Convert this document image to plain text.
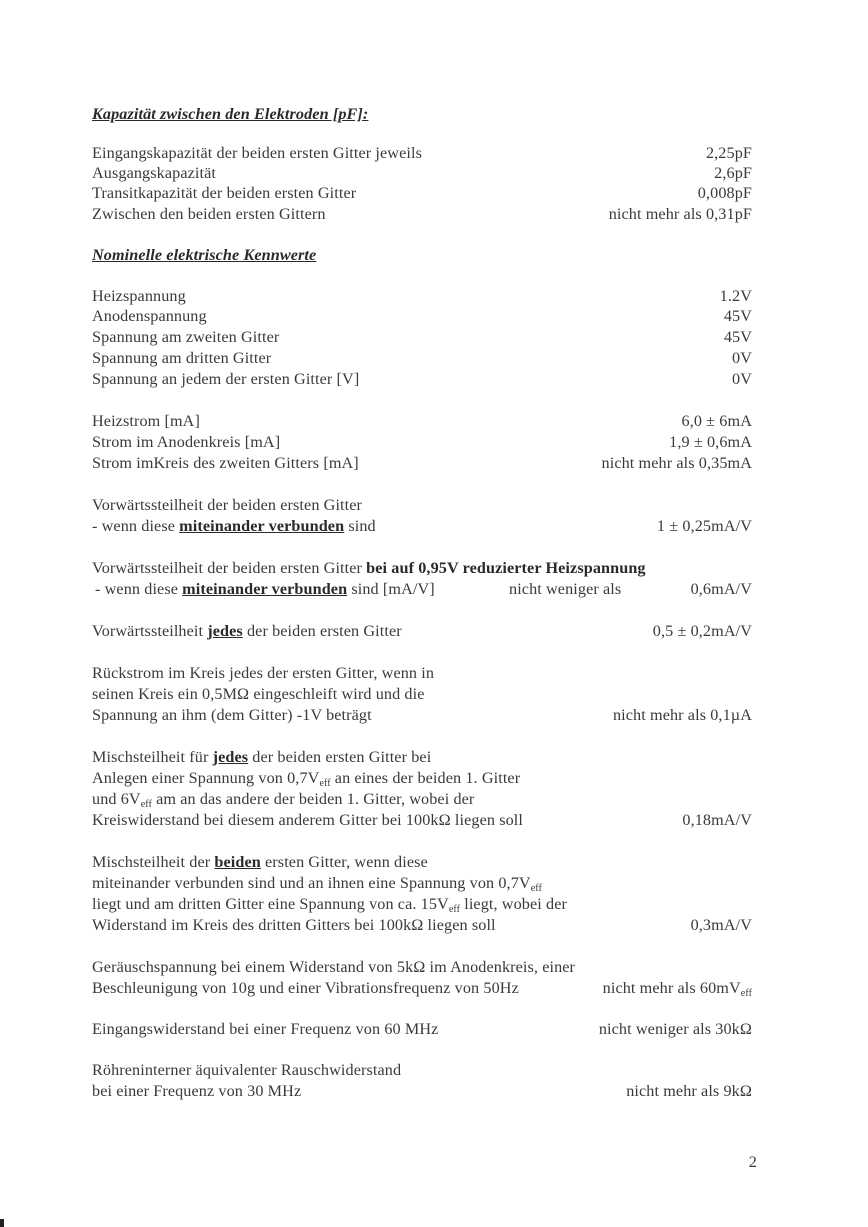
Kapazität zwischen den Elektroden [pF]:
Eingangskapazität der beiden ersten Gitter jeweils	2,25pF
Ausgangskapazität	2,6pF
Transitkapazität der beiden ersten Gitter	0,008pF
Zwischen den beiden ersten Gittern	nicht mehr als 0,31pF
Nominelle elektrische Kennwerte
Heizspannung	1.2V
Anodenspannung	45V
Spannung am zweiten Gitter	45V
Spannung am dritten Gitter	0V
Spannung an jedem der ersten Gitter [V]	0V
Heizstrom [mA]	6,0 ± 6mA
Strom im Anodenkreis [mA]	1,9 ± 0,6mA
Strom imKreis des zweiten Gitters [mA]	nicht mehr als 0,35mA
Vorwärtssteilheit der beiden ersten Gitter
- wenn diese miteinander verbunden sind	1 ± 0,25mA/V
Vorwärtssteilheit der beiden ersten Gitter bei auf 0,95V reduzierter Heizspannung
- wenn diese miteinander verbunden sind [mA/V]	nicht weniger als	0,6mA/V
Vorwärtssteilheit jedes der beiden ersten Gitter	0,5 ± 0,2mA/V
Rückstrom im Kreis jedes der ersten Gitter, wenn in
seinen Kreis ein 0,5MΩ eingeschleift wird und die
Spannung an ihm (dem Gitter) -1V beträgt	nicht mehr als 0,1µA
Mischsteilheit für jedes der beiden ersten Gitter bei
Anlegen einer Spannung von $0,7V_{eff}$ an eines der beiden 1. Gitter
und $6V_{eff}$ am an das andere der beiden 1. Gitter, wobei der
Kreiswiderstand bei diesem anderem Gitter bei 100kΩ liegen soll	0,18mA/V
Mischsteilheit der beiden ersten Gitter, wenn diese
miteinander verbunden sind und an ihnen eine Spannung von $0,7V_{eff}$
liegt und am dritten Gitter eine Spannung von ca. $15V_{eff}$ liegt, wobei der
Widerstand im Kreis des dritten Gitters bei 100kΩ liegen soll	0,3mA/V
Geräuschspannung bei einem Widerstand von 5kΩ im Anodenkreis, einer
Beschleunigung von 10g und einer Vibrationsfrequenz von 50Hz	nicht mehr als $60mV_{eff}$
Eingangswiderstand bei einer Frequenz von 60 MHz	nicht weniger als 30kΩ
Röhreninterner äquivalenter Rauschwiderstand
bei einer Frequenz von 30 MHz	nicht mehr als 9kΩ
2
